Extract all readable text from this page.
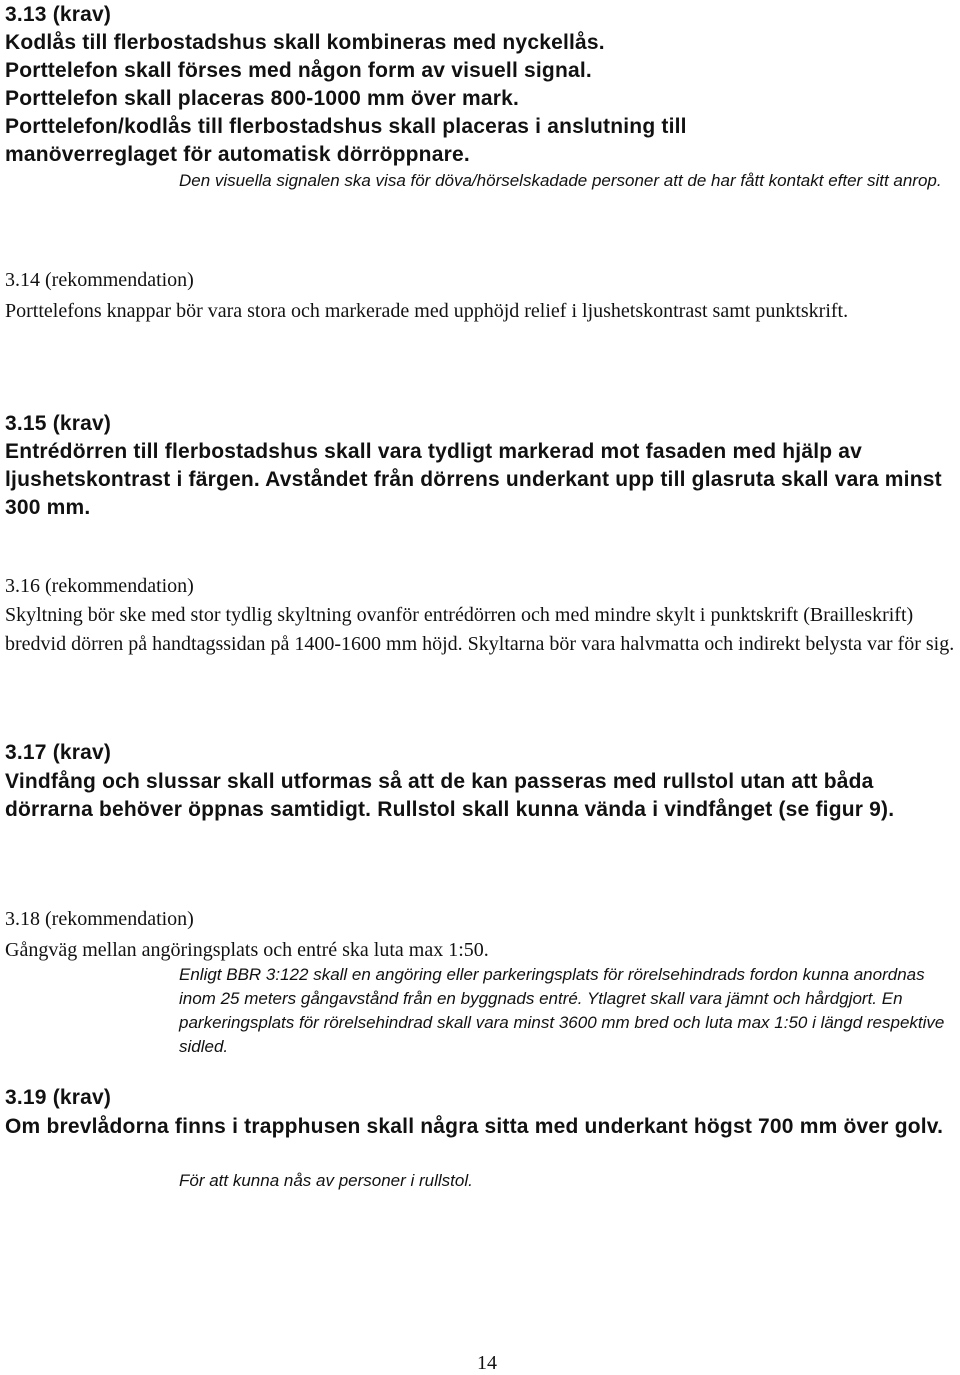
3.13 (krav)

Kodlås till flerbostadshus skall kombineras med nyckellås.

Porttelefon skall förses med någon form av visuell signal.

Porttelefon skall placeras 800-1000 mm över mark.

Porttelefon/kodlås till flerbostadshus skall placeras i anslutning till manöverreglaget för automatisk dörröppnare.

Den visuella signalen ska visa för döva/hörselskadade personer att de har fått kontakt efter sitt anrop.
3.14 (rekommendation)
Porttelefons knappar bör vara stora och markerade med upphöjd relief i ljushetskontrast samt punktskrift.
3.15 (krav)
Entrédörren till flerbostadshus skall vara tydligt markerad mot fasaden med hjälp av ljushetskontrast i färgen. Avståndet från dörrens underkant upp till glasruta skall vara minst 300 mm.
3.16 (rekommendation)
Skyltning bör ske med stor tydlig skyltning ovanför entrédörren och med mindre skylt i punktskrift (Brailleskrift) bredvid dörren på handtagssidan på 1400-1600 mm höjd. Skyltarna bör vara halvmatta och indirekt belysta var för sig.
3.17 (krav)
Vindfång och slussar skall utformas så att de kan passeras med rullstol utan att båda dörrarna behöver öppnas samtidigt. Rullstol skall kunna vända i vindfånget (se figur 9).
3.18 (rekommendation)
Gångväg mellan angöringsplats och entré ska luta max 1:50.
Enligt BBR 3:122 skall en angöring eller parkeringsplats för rörelsehindrads fordon kunna anordnas inom 25 meters gångavstånd från en byggnads entré. Ytlagret skall vara jämnt och hårdgjort. En parkeringsplats för rörelsehindrad skall vara minst 3600 mm bred och luta max 1:50 i längd respektive sidled.
3.19 (krav)
Om brevlådorna finns i trapphusen skall några sitta med underkant högst 700 mm över golv.
För att kunna nås av personer i rullstol.
14
